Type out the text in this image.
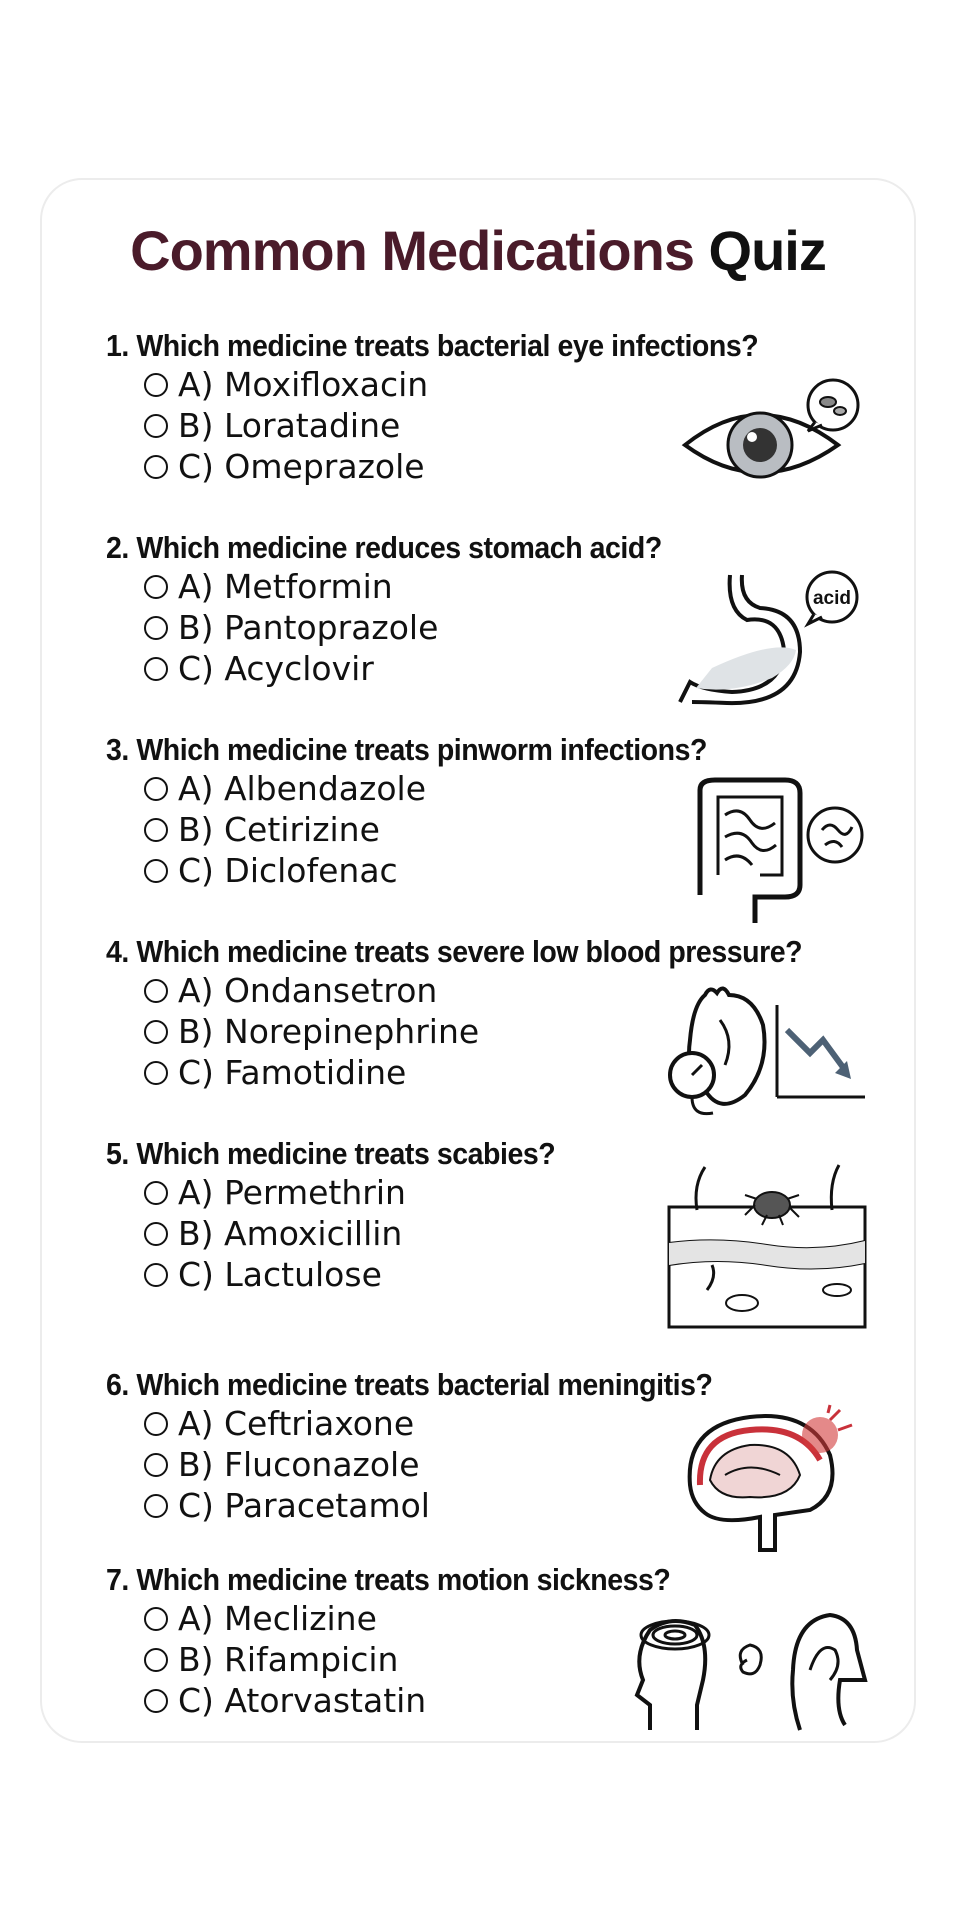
Common Medications Quiz

1. Which medicine treats bacterial eye infections?

A) Moxifloxacin
B) Loratadine
C) Omeprazole

2. Which medicine reduces stomach acid?

A) Metformin
B) Pantoprazole
C) Acyclovir

3. Which medicine treats pinworm infections?

A) Albendazole
B) Cetirizine
C) Diclofenac

4. Which medicine treats severe low blood pressure?

A) Ondansetron
B) Norepinephrine
C) Famotidine

5. Which medicine treats scabies?

A) Permethrin
B) Amoxicillin
C) Lactulose

6. Which medicine treats bacterial meningitis?

A) Ceftriaxone
B) Fluconazole
C) Paracetamol

7. Which medicine treats motion sickness?

A) Meclizine
B) Rifampicin
C) Atorvastatin
acid
